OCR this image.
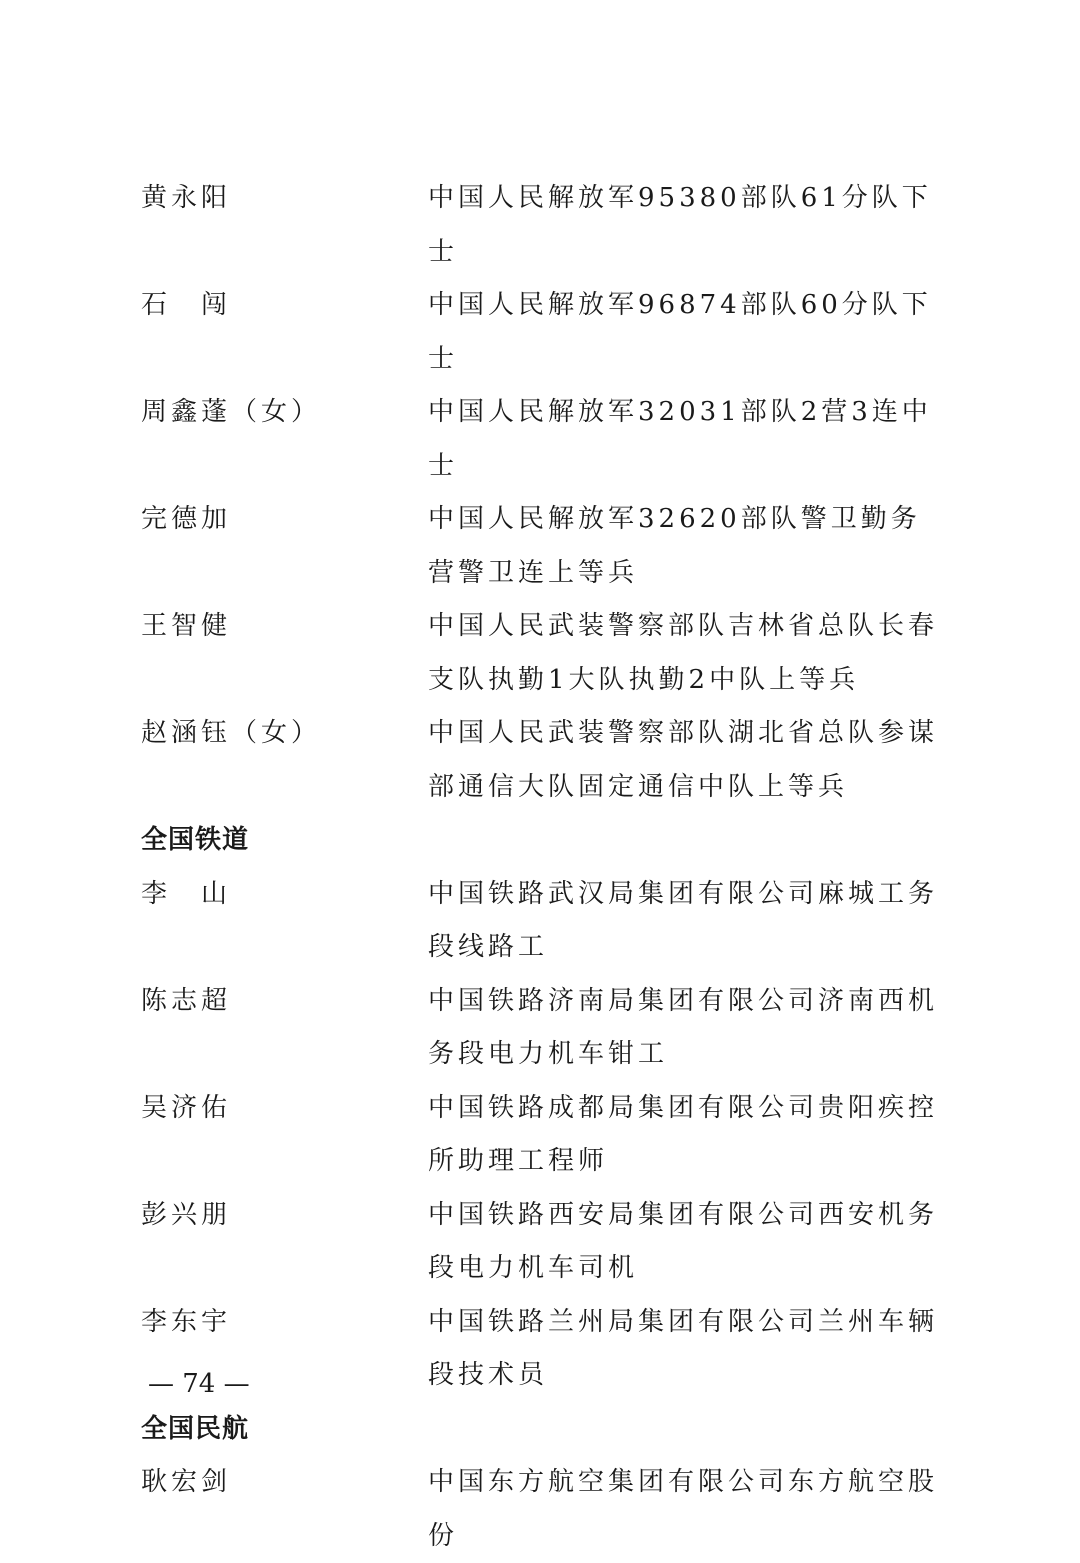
黄永阳	中国人民解放军95380部队61分队下士
石　闯	中国人民解放军96874部队60分队下士
周鑫蓬（女）	中国人民解放军32031部队2营3连中士
完德加	中国人民解放军32620部队警卫勤务营警卫连上等兵
王智健	中国人民武装警察部队吉林省总队长春支队执勤1大队执勤2中队上等兵
赵涵钰（女）	中国人民武装警察部队湖北省总队参谋部通信大队固定通信中队上等兵
全国铁道
李　山	中国铁路武汉局集团有限公司麻城工务段线路工
陈志超	中国铁路济南局集团有限公司济南西机务段电力机车钳工
吴济佑	中国铁路成都局集团有限公司贵阳疾控所助理工程师
彭兴朋	中国铁路西安局集团有限公司西安机务段电力机车司机
李东宇	中国铁路兰州局集团有限公司兰州车辆段技术员
全国民航
耿宏剑	中国东方航空集团有限公司东方航空股份
— 74 —
